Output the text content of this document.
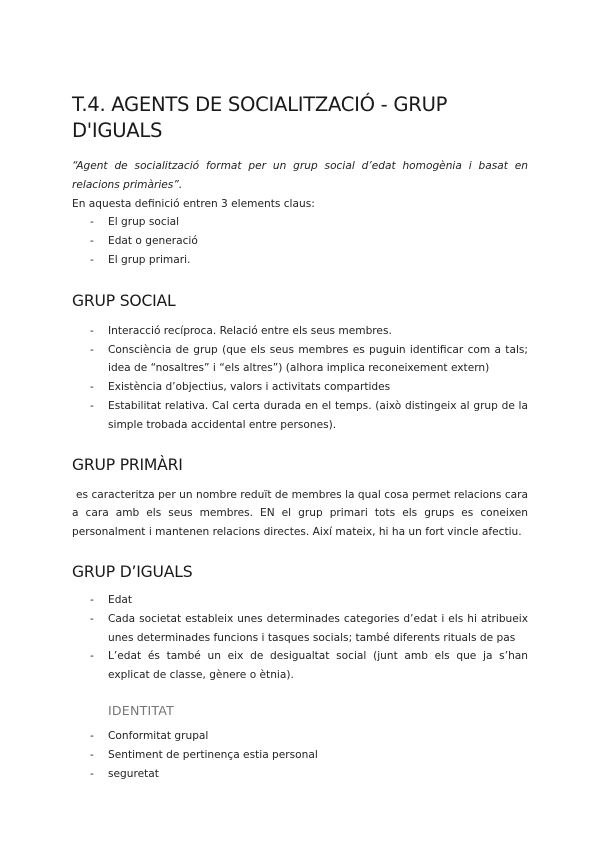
T.4. AGENTS DE SOCIALITZACIÓ - GRUP D'IGUALS

“Agent de socialització format per un grup social d’edat homogènia i basat en relacions primàries”.

En aquesta definició entren 3 elements claus:

- El grup social
- Edat o generació
- El grup primari.
GRUP SOCIAL
- Interacció recíproca. Relació entre els seus membres.
- Consciència de grup (que els seus membres es puguin identificar com a tals; idea de “nosaltres” i “els altres”) (alhora implica reconeixement extern)
- Existència d’objectius, valors i activitats compartides
- Estabilitat relativa. Cal certa durada en el temps. (això distingeix al grup de la simple trobada accidental entre persones).
GRUP PRIMÀRI

es caracteritza per un nombre reduït de membres la qual cosa permet relacions cara a cara amb els seus membres. EN el grup primari tots els grups es coneixen personalment i mantenen relacions directes. Així mateix, hi ha un fort vincle afectiu.

GRUP D’IGUALS
- Edat
- Cada societat estableix unes determinades categories d’edat i els hi atribueix unes determinades funcions i tasques socials; també diferents rituals de pas
- L’edat és també un eix de desigualtat social (junt amb els que ja s’han explicat de classe, gènere o ètnia).
IDENTITAT
- Conformitat grupal
- Sentiment de pertinença estia personal
- seguretat
